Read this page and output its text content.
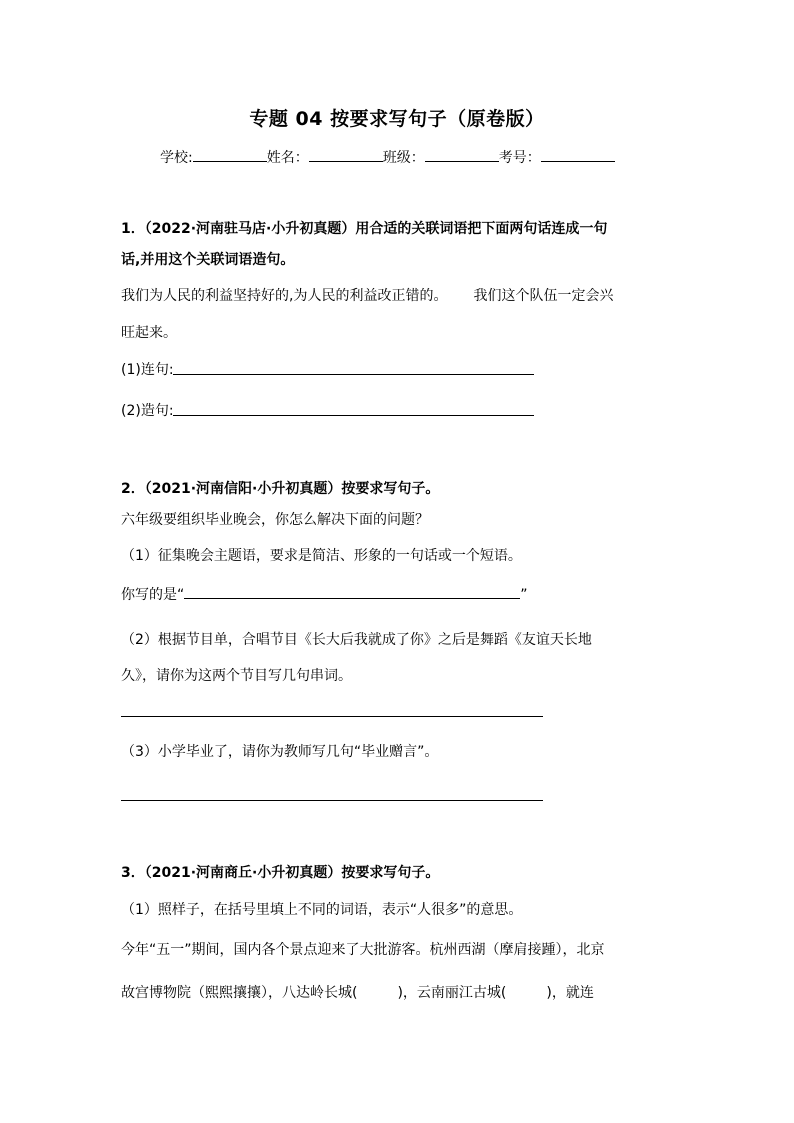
专题 04 按要求写句子（原卷版）
学校:	姓名：	班级：	考号：
1．（2022·河南驻马店·小升初真题）用合适的关联词语把下面两句话连成一句
话,并用这个关联词语造句。
我们为人民的利益坚持好的,为人民的利益改正错的。 我们这个队伍一定会兴
旺起来。
(1)连句:
(2)造句:
2．（2021·河南信阳·小升初真题）按要求写句子。
六年级要组织毕业晚会，你怎么解决下面的问题？
（1）征集晚会主题语，要求是简洁、形象的一句话或一个短语。
你写的是“	”
（2）根据节目单，合唱节目《长大后我就成了你》之后是舞蹈《友谊天长地
久》，请你为这两个节目写几句串词。
（3）小学毕业了，请你为教师写几句“毕业赠言”。
3．（2021·河南商丘·小升初真题）按要求写句子。
（1）照样子，在括号里填上不同的词语，表示“人很多”的意思。
今年“五一”期间，国内各个景点迎来了大批游客。杭州西湖（摩肩接踵），北京
故宫博物院（熙熙攘攘），八达岭长城(	)，云南丽江古城(	)，就连
